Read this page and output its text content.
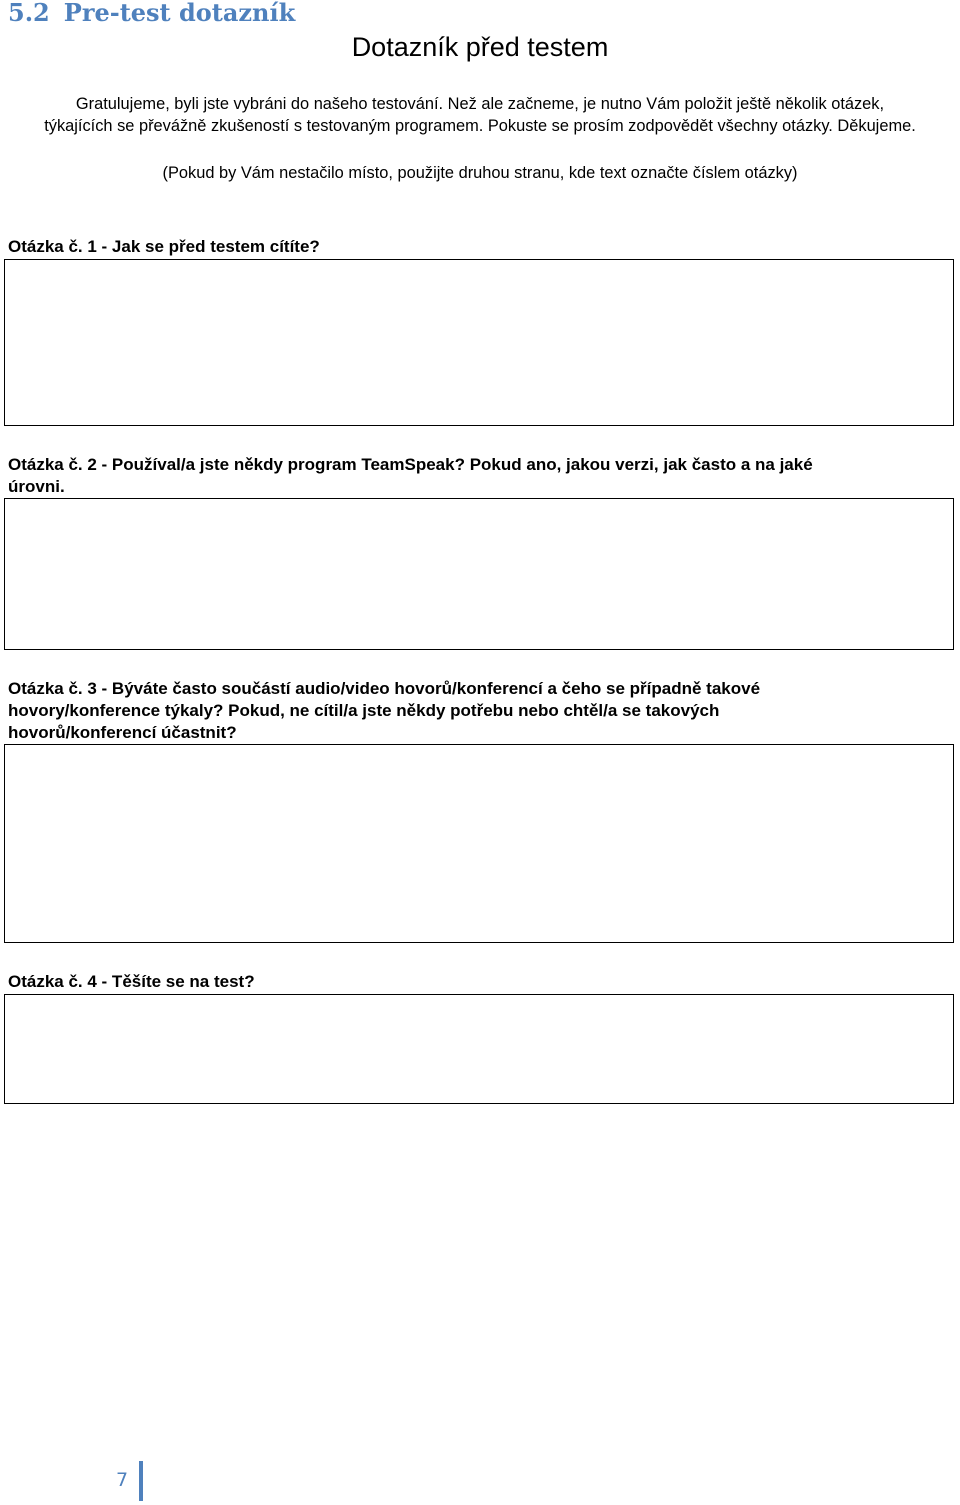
5.2 Pre-test dotazník
Dotazník před testem

Gratulujeme, byli jste vybráni do našeho testování. Než ale začneme, je nutno Vám položit ještě několik otázek,
týkajících se převážně zkušeností s testovaným programem. Pokuste se prosím zodpovědět všechny otázky. Děkujeme.

(Pokud by Vám nestačilo místo, použijte druhou stranu, kde text označte číslem otázky)

Otázka č. 1 - Jak se před testem cítíte?

Otázka č. 2 - Používal/a jste někdy program TeamSpeak? Pokud ano, jakou verzi, jak často a na jaké
úrovni.

Otázka č. 3 - Býváte často součástí audio/video hovorů/konferencí a čeho se případně takové
hovory/konference týkaly? Pokud, ne cítil/a jste někdy potřebu nebo chtěl/a se takových
hovorů/konferencí účastnit?

Otázka č. 4 - Těšíte se na test?

7
